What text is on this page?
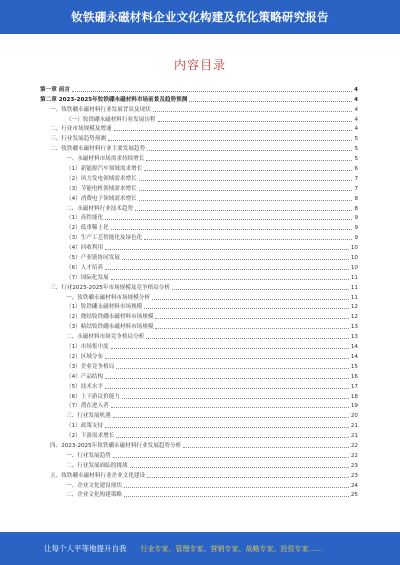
钕铁硼永磁材料企业文化构建及优化策略研究报告
内容目录
第一章 前言	4
第二章 2023-2025年钕铁硼永磁材料市场前景及趋势预测	4
一、钕铁硼永磁材料行业发展背景及现状	4
（一）钕铁硼永磁材料行业发展历程	4
二、行业市场规模及增速	4
三、行业发展趋势预测	5
二、钕铁硼永磁材料行业主要发展趋势	5
一、永磁材料市场需求持续增长	5
（1）新能源汽车领域需求增长	6
（2）风力发电领域需求增长	7
（3）节能电机领域需求增长	7
（4）消费电子领域需求增长	8
二、永磁材料行业技术趋势	8
（1）高性能化	9
（2）低重稀土化	9
（3）生产工艺智能化及绿色化	9
（4）回收利用	10
（5）产业链协同发展	10
（6）人才培养	10
（7）国际化发展	11
三、行业2023-2025年市场规模及竞争格局分析	11
一、钕铁硼永磁材料市场规模分析	11
（1）钕铁硼永磁材料市场规模	12
（2）烧结钕铁硼永磁材料市场规模	12
（3）粘结钕铁硼永磁材料市场规模	13
二、永磁材料市场竞争格局分析	13
（1）市场集中度	14
（2）区域分布	14
（3）企业竞争格局	15
（4）产品结构	16
（5）技术水平	17
（6）上下游议价能力	18
（7）潜在进入者	19
三、行业发展机遇	20
（1）政策支持	21
（2）下游需求增长	21
四、2023-2025年钕铁硼永磁材料行业发展趋势分析	22
一、行业发展趋势	22
二、行业发展面临的挑战	23
五、钕铁硼永磁材料行业企业文化建设	23
一、企业文化建设现状	24
二、企业文化构建策略	25
让每个人平等地提升自我 行业专家、管理专家、营销专家、战略专家、投资专家……
